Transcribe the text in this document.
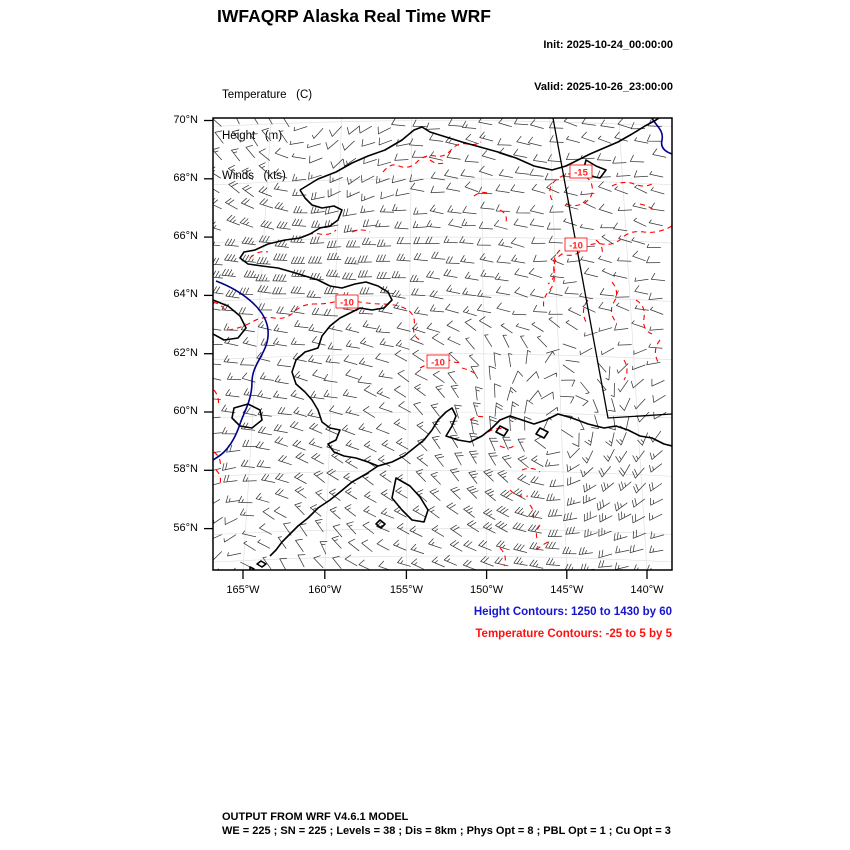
IWFAQRP Alaska Real Time WRF

Init: 2025-10-24_00:00:00

Valid: 2025-10-26_23:00:00

Temperature   (C)

Height   (m)

Winds   (kts)

-10
-10
-15
-10
70°N
68°N
66°N
64°N
62°N
60°N
58°N
56°N
165°W	160°W	155°W	150°W	145°W	140°W
Height Contours: 1250 to 1430 by 60
Temperature Contours: -25 to 5 by 5
OUTPUT FROM WRF V4.6.1 MODEL
WE = 225 ; SN = 225 ; Levels = 38 ; Dis = 8km ; Phys Opt = 8 ; PBL Opt = 1 ; Cu Opt = 3
